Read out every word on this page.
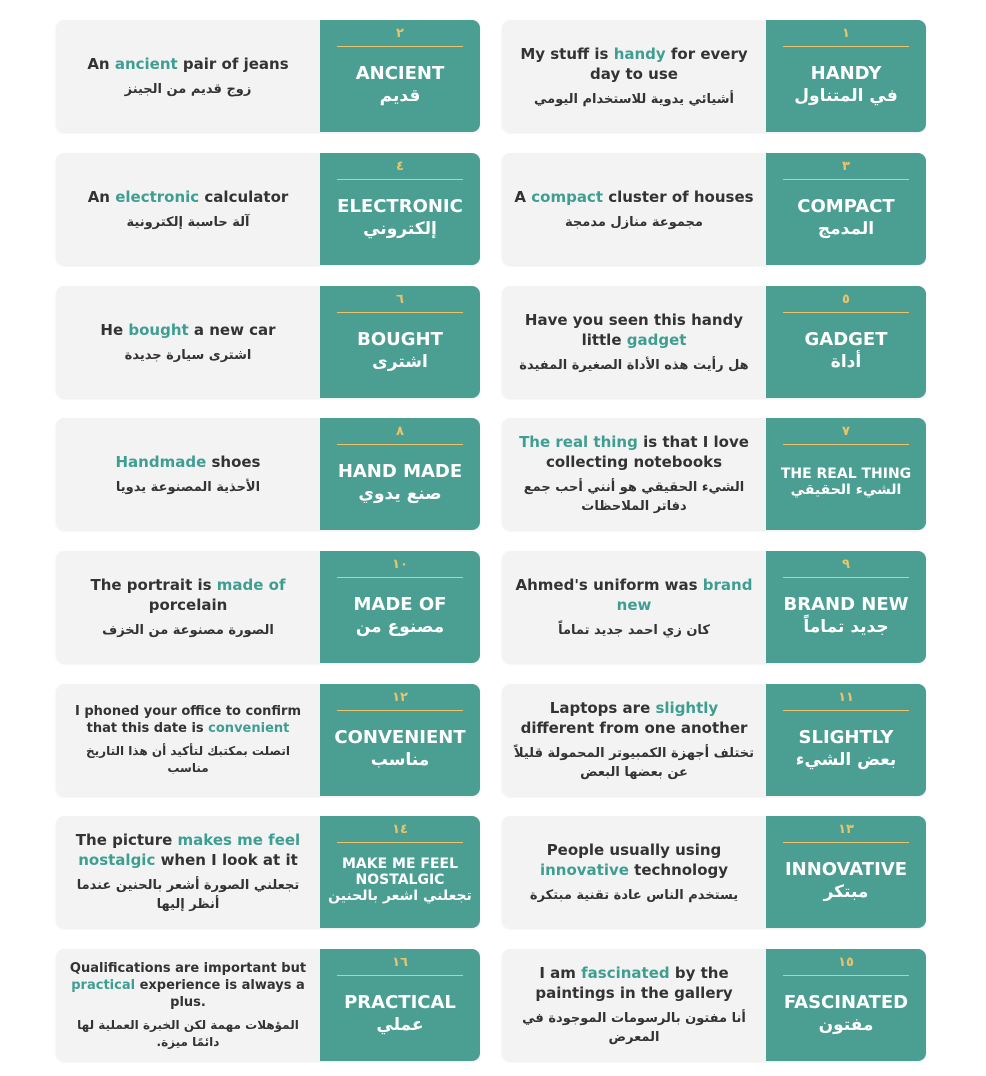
My stuff is handy for every day to use
أشيائي يدوية للاستخدام اليومي
١
HANDY
في المتناول
An ancient pair of jeans
زوج قديم من الجينز
٢
ANCIENT
قديم
A compact cluster of houses
مجموعة منازل مدمجة
٣
COMPACT
المدمج
An electronic calculator
آلة حاسبة إلكترونية
٤
ELECTRONIC
إلكتروني
Have you seen this handy little gadget
هل رأيت هذه الأداة الصغيرة المفيدة
٥
GADGET
أداة
He bought a new car
اشترى سيارة جديدة
٦
BOUGHT
اشترى
The real thing is that I love collecting notebooks
الشيء الحقيقي هو أنني أحب جمع دفاتر الملاحظات
٧
THE REAL THING
الشيء الحقيقي
Handmade shoes
الأحذية المصنوعة يدويا
٨
HAND MADE
صنع يدوي
Ahmed's uniform was brand new
كان زي احمد جديد تماماً
٩
BRAND NEW
جديد تماماً
The portrait is made of porcelain
الصورة مصنوعة من الخزف
١٠
MADE OF
مصنوع من
Laptops are slightly different from one another
تختلف أجهزة الكمبيوتر المحمولة قليلاً عن بعضها البعض
١١
SLIGHTLY
بعض الشيء
I phoned your office to confirm that this date is convenient
اتصلت بمكتبك لتأكيد أن هذا التاريخ مناسب
١٢
CONVENIENT
مناسب
People usually using innovative technology
يستخدم الناس عادة تقنية مبتكرة
١٣
INNOVATIVE
مبتكر
The picture makes me feel nostalgic when I look at it
تجعلني الصورة أشعر بالحنين عندما أنظر إليها
١٤
MAKE ME FEEL NOSTALGIC
تجعلني اشعر بالحنين
I am fascinated by the paintings in the gallery
أنا مفتون بالرسومات الموجودة في المعرض
١٥
FASCINATED
مفتون
Qualifications are important but practical experience is always a plus.
المؤهلات مهمة لكن الخبرة العملية لها دائمًا ميزة.
١٦
PRACTICAL
عملي
